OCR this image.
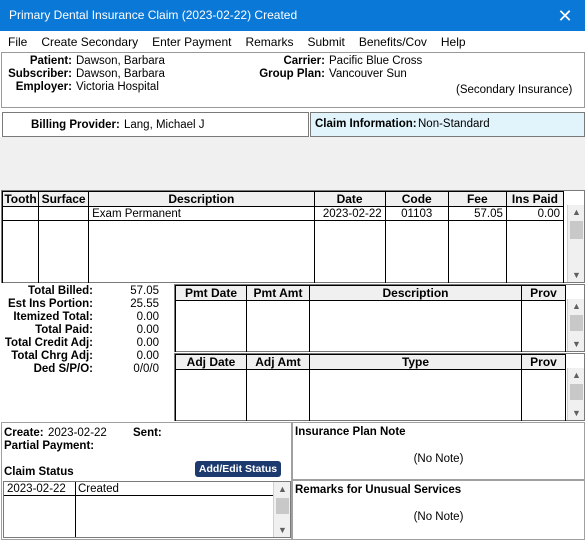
Primary Dental Insurance Claim (2023-02-22) Created	✕
File Create Secondary Enter Payment Remarks Submit Benefits/Cov Help
Patient: Dawson, Barbara
Subscriber: Dawson, Barbara
Employer: Victoria Hospital
Carrier: Pacific Blue Cross
Group Plan: Vancouver Sun
(Secondary Insurance)
Billing Provider: Lang, Michael J	Claim Information: Non-Standard
Tooth	Surface	Description	Date	Code	Fee	Ins Paid
		Exam Permanent	2023-02-22	01103	57.05	0.00
							▲
▼
Total Billed:	57.05
Est Ins Portion:	25.55
Itemized Total:	0.00
Total Paid:	0.00
Total Credit Adj:	0.00
Total Chrg Adj:	0.00
Ded S/P/O:	0/0/0
Pmt Date	Pmt Amt	Description	Prov

▲
▼
Adj Date	Adj Amt	Type	Prov

▲
▼
Create: 2023-02-22 Sent:
Partial Payment:
Claim Status	Add/Edit Status
2023-02-22 Created	▲
▼
Insurance Plan Note
(No Note)
Remarks for Unusual Services
(No Note)
